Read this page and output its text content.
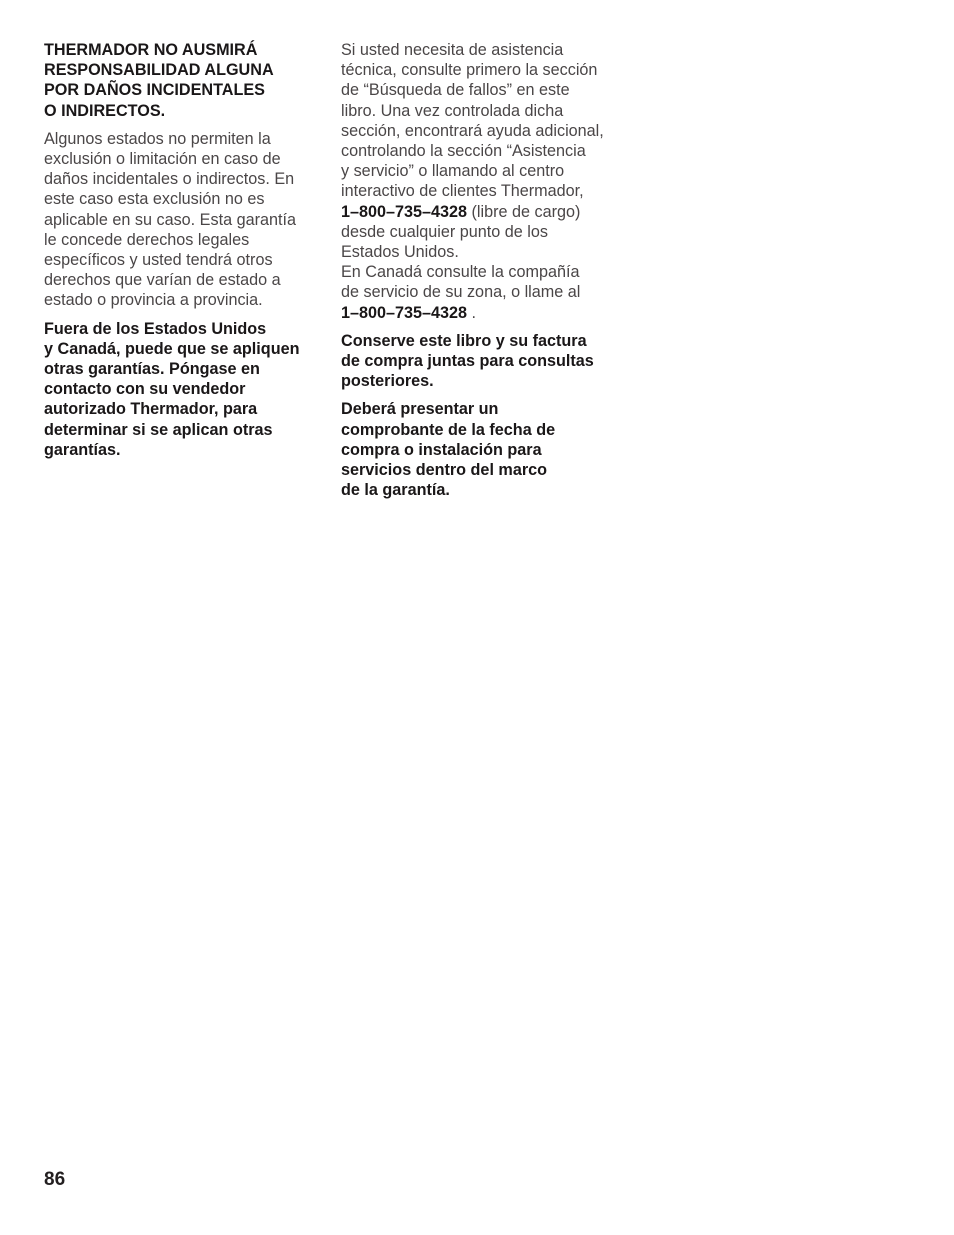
THERMADOR NO AUSMIRÁ
RESPONSABILIDAD ALGUNA
POR DAÑOS INCIDENTALES
O INDIRECTOS.

Algunos estados no permiten la
exclusión o limitación en caso de
daños incidentales o indirectos. En
este caso esta exclusión no es
aplicable en su caso. Esta garantía
le concede derechos legales
específicos y usted tendrá otros
derechos que varían de estado a
estado o provincia a provincia.

Fuera de los Estados Unidos
y Canadá, puede que se apliquen
otras garantías. Póngase en
contacto con su vendedor
autorizado Thermador, para
determinar si se aplican otras
garantías.

Si usted necesita de asistencia
técnica, consulte primero la sección
de “Búsqueda de fallos” en este
libro. Una vez controlada dicha
sección, encontrará ayuda adicional,
controlando la sección “Asistencia
y servicio” o llamando al centro
interactivo de clientes Thermador,
1–800–735–4328 (libre de cargo)
desde cualquier punto de los
Estados Unidos.
En Canadá consulte la compañía
de servicio de su zona, o llame al
1–800–735–4328 .

Conserve este libro y su factura
de compra juntas para consultas
posteriores.

Deberá presentar un
comprobante de la fecha de
compra o instalación para
servicios dentro del marco
de la garantía.

86
